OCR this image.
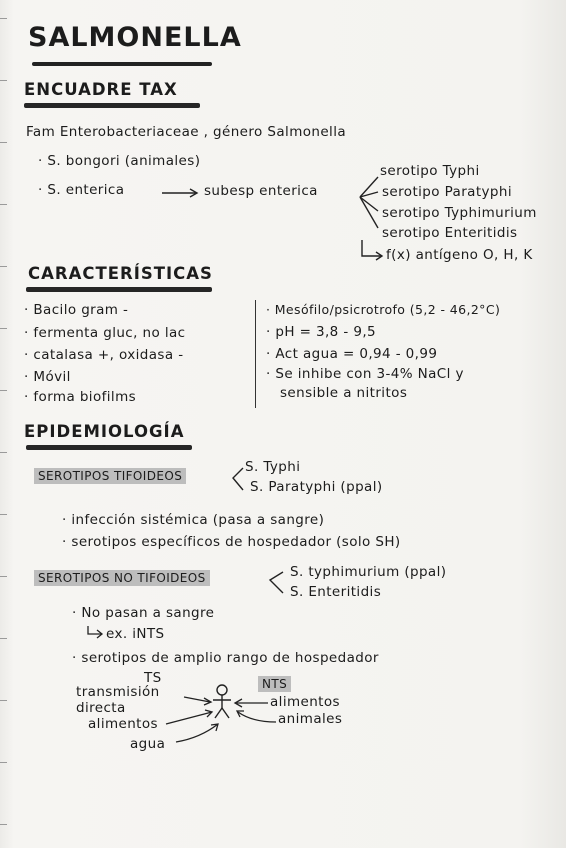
SALMONELLA
ENCUADRE TAX
Fam Enterobacteriaceae , género Salmonella
· S. bongori (animales)
· S. enterica	subesp enterica
serotipo Typhi
serotipo Paratyphi
serotipo Typhimurium
serotipo Enteritidis
f(x) antígeno O, H, K
CARACTERÍSTICAS
· Bacilo gram -
· fermenta gluc, no lac
· catalasa +, oxidasa -
· Móvil
· forma biofilms
· Mesófilo/psicrotrofo (5,2 - 46,2°C)
· pH = 3,8 - 9,5
· Act agua = 0,94 - 0,99
· Se inhibe con 3-4% NaCl y
sensible a nitritos
EPIDEMIOLOGÍA
SEROTIPOS TIFOIDEOS
S. Typhi
S. Paratyphi (ppal)
· infección sistémica (pasa a sangre)
· serotipos específicos de hospedador (solo SH)
SEROTIPOS NO TIFOIDEOS	S. typhimurium (ppal)
S. Enteritidis
· No pasan a sangre
ex. iNTS
· serotipos de amplio rango de hospedador
TS	NTS
transmisión directa
alimentos
agua
alimentos
animales
